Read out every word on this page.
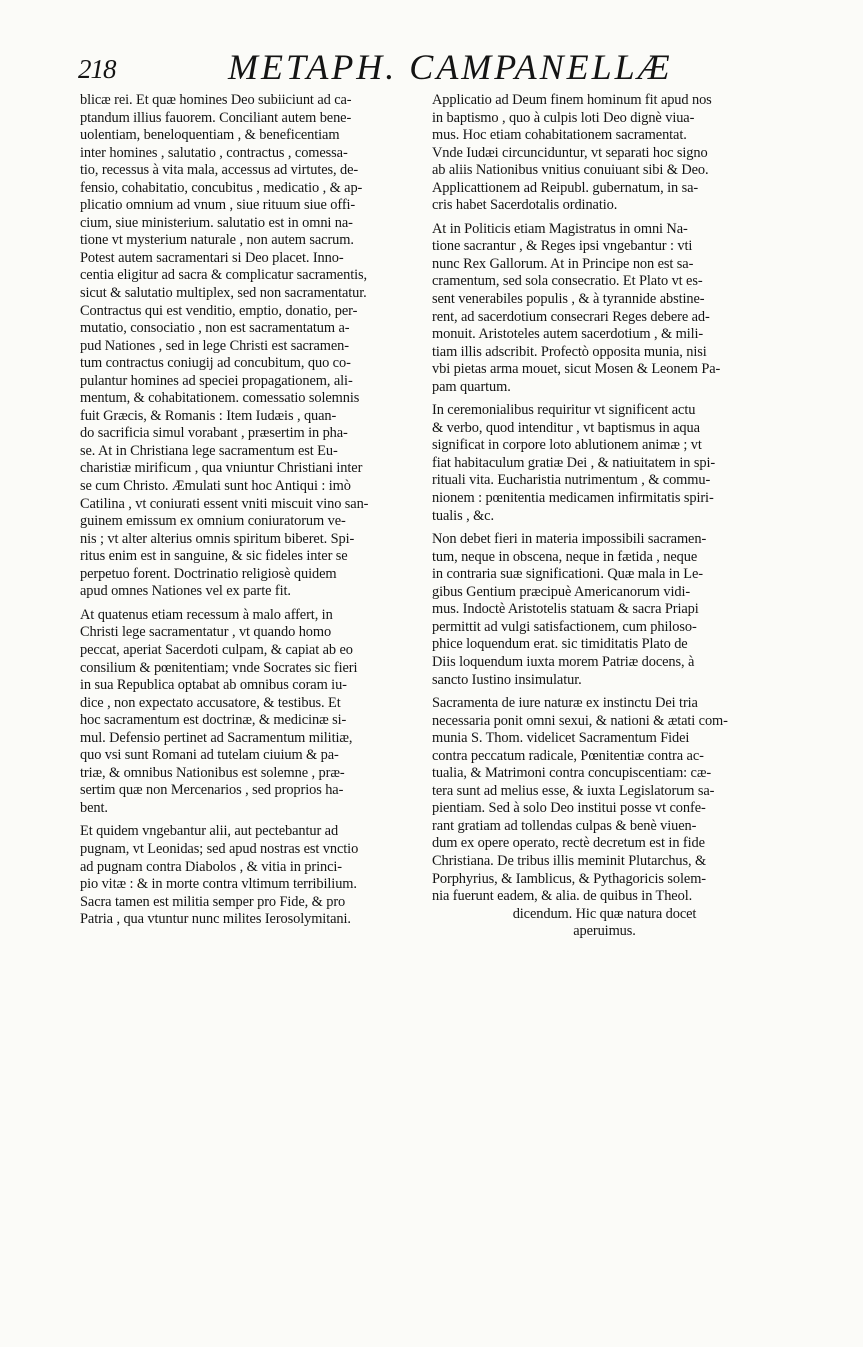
218	METAPH. CAMPANELLÆ
blicæ rei. Et quæ homines Deo subiiciunt ad ca-
ptandum illius fauorem. Conciliant autem bene-
uolentiam, beneloquentiam , & beneficentiam
inter homines , salutatio , contractus , comessa-
tio, recessus à vita mala, accessus ad virtutes, de-
fensio, cohabitatio, concubitus , medicatio , & ap-
plicatio omnium ad vnum , siue rituum siue offi-
cium, siue ministerium. salutatio est in omni na-
tione vt mysterium naturale , non autem sacrum.
Potest autem sacramentari si Deo placet. Inno-
centia eligitur ad sacra & complicatur sacramentis,
sicut & salutatio multiplex, sed non sacramentatur.
Contractus qui est venditio, emptio, donatio, per-
mutatio, consociatio , non est sacramentatum a-
pud Nationes , sed in lege Christi est sacramen-
tum contractus coniugij ad concubitum, quo co-
pulantur homines ad speciei propagationem, ali-
mentum, & cohabitationem. comessatio solemnis
fuit Græcis, & Romanis : Item Iudæis , quan-
do sacrificia simul vorabant , præsertim in pha-
se. At in Christiana lege sacramentum est Eu-
charistiæ mirificum , qua vniuntur Christiani inter
se cum Christo. Æmulati sunt hoc Antiqui : imò
Catilina , vt coniurati essent vniti miscuit vino san-
guinem emissum ex omnium coniuratorum ve-
nis ; vt alter alterius omnis spiritum biberet. Spi-
ritus enim est in sanguine, & sic fideles inter se
perpetuo forent. Doctrinatio religiosè quidem
apud omnes Nationes vel ex parte fit.
At quatenus etiam recessum à malo affert, in
Christi lege sacramentatur , vt quando homo
peccat, aperiat Sacerdoti culpam, & capiat ab eo
consilium & pœnitentiam; vnde Socrates sic fieri
in sua Republica optabat ab omnibus coram iu-
dice , non expectato accusatore, & testibus. Et
hoc sacramentum est doctrinæ, & medicinæ si-
mul. Defensio pertinet ad Sacramentum militiæ,
quo vsi sunt Romani ad tutelam ciuium & pa-
triæ, & omnibus Nationibus est solemne , præ-
sertim quæ non Mercenarios , sed proprios ha-
bent.
Et quidem vngebantur alii, aut pectebantur ad
pugnam, vt Leonidas; sed apud nostras est vnctio
ad pugnam contra Diabolos , & vitia in princi-
pio vitæ : & in morte contra vltimum terribilium.
Sacra tamen est militia semper pro Fide, & pro
Patria , qua vtuntur nunc milites Ierosolymitani.
Applicatio ad Deum finem hominum fit apud nos
in baptismo , quo à culpis loti Deo dignè viua-
mus. Hoc etiam cohabitationem sacramentat.
Vnde Iudæi circunciduntur, vt separati hoc signo
ab aliis Nationibus vnitius conuiuant sibi & Deo.
Applicattionem ad Reipubl. gubernatum, in sa-
cris habet Sacerdotalis ordinatio.
At in Politicis etiam Magistratus in omni Na-
tione sacrantur , & Reges ipsi vngebantur : vti
nunc Rex Gallorum. At in Principe non est sa-
cramentum, sed sola consecratio. Et Plato vt es-
sent venerabiles populis , & à tyrannide abstine-
rent, ad sacerdotium consecrari Reges debere ad-
monuit. Aristoteles autem sacerdotium , & mili-
tiam illis adscribit. Profectò opposita munia, nisi
vbi pietas arma mouet, sicut Mosen & Leonem Pa-
pam quartum.
In ceremonialibus requiritur vt significent actu
& verbo, quod intenditur , vt baptismus in aqua
significat in corpore loto ablutionem animæ ; vt
fiat habitaculum gratiæ Dei , & natiuitatem in spi-
rituali vita. Eucharistia nutrimentum , & commu-
nionem : pœnitentia medicamen infirmitatis spiri-
tualis , &c.
Non debet fieri in materia impossibili sacramen-
tum, neque in obscena, neque in fætida , neque
in contraria suæ significationi. Quæ mala in Le-
gibus Gentium præcipuè Americanorum vidi-
mus. Indoctè Aristotelis statuam & sacra Priapi
permittit ad vulgi satisfactionem, cum philoso-
phice loquendum erat. sic timiditatis Plato de
Diis loquendum iuxta morem Patriæ docens, à
sancto Iustino insimulatur.
Sacramenta de iure naturæ ex instinctu Dei tria
necessaria ponit omni sexui, & nationi & ætati com-
munia S. Thom. videlicet Sacramentum Fidei
contra peccatum radicale, Pœnitentiæ contra ac-
tualia, & Matrimoni contra concupiscentiam: cæ-
tera sunt ad melius esse, & iuxta Legislatorum sa-
pientiam. Sed à solo Deo institui posse vt confe-
rant gratiam ad tollendas culpas & benè viuen-
dum ex opere operato, rectè decretum est in fide
Christiana. De tribus illis meminit Plutarchus, &
Porphyrius, & Iamblicus, & Pythagoricis solem-
nia fuerunt eadem, & alia. de quibus in Theol.
dicendum. Hic quæ natura docet
aperuimus.
